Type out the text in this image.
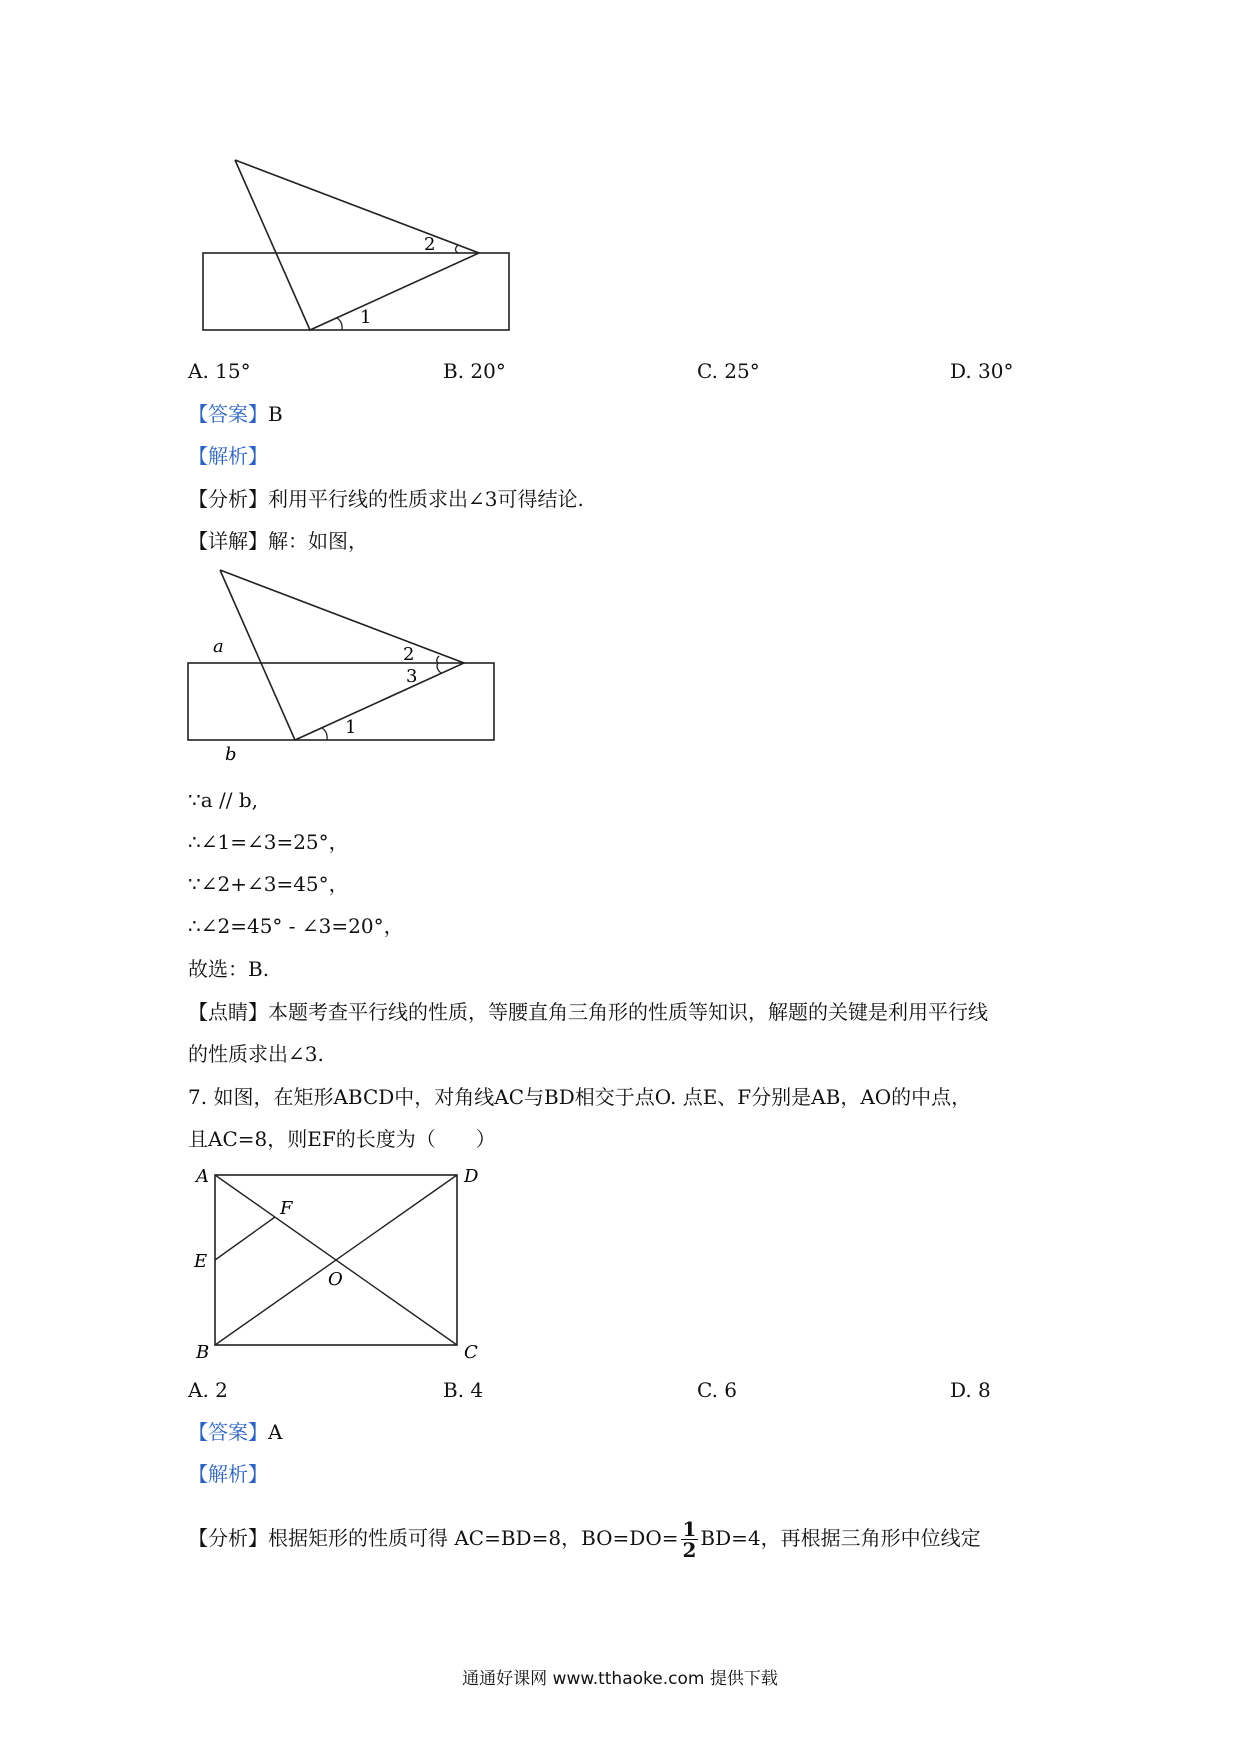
2
1
A. 15°	B. 20°	C. 25°	D. 30°
【答案】B
【解析】
【分析】利用平行线的性质求出∠3可得结论.
【详解】解：如图，
a
b
2
3
1
∵a // b,
∴∠1=∠3=25°，
∵∠2+∠3=45°，
∴∠2=45° - ∠3=20°，
故选：B.
【点睛】本题考查平行线的性质，等腰直角三角形的性质等知识，解题的关键是利用平行线
的性质求出∠3.
7. 如图，在矩形ABCD中，对角线AC与BD相交于点O. 点E、F分别是AB，AO的中点，
且AC=8，则EF的长度为（　　）
A	D
B	C
E
F
O
A. 2	B. 4	C. 6	D. 8
【答案】A
【解析】
【分析】根据矩形的性质可得 AC=BD=8，$BO=DO= \frac{1}{2} BD=4$，再根据三角形中位线定
通通好课网 www.tthaoke.com 提供下载
